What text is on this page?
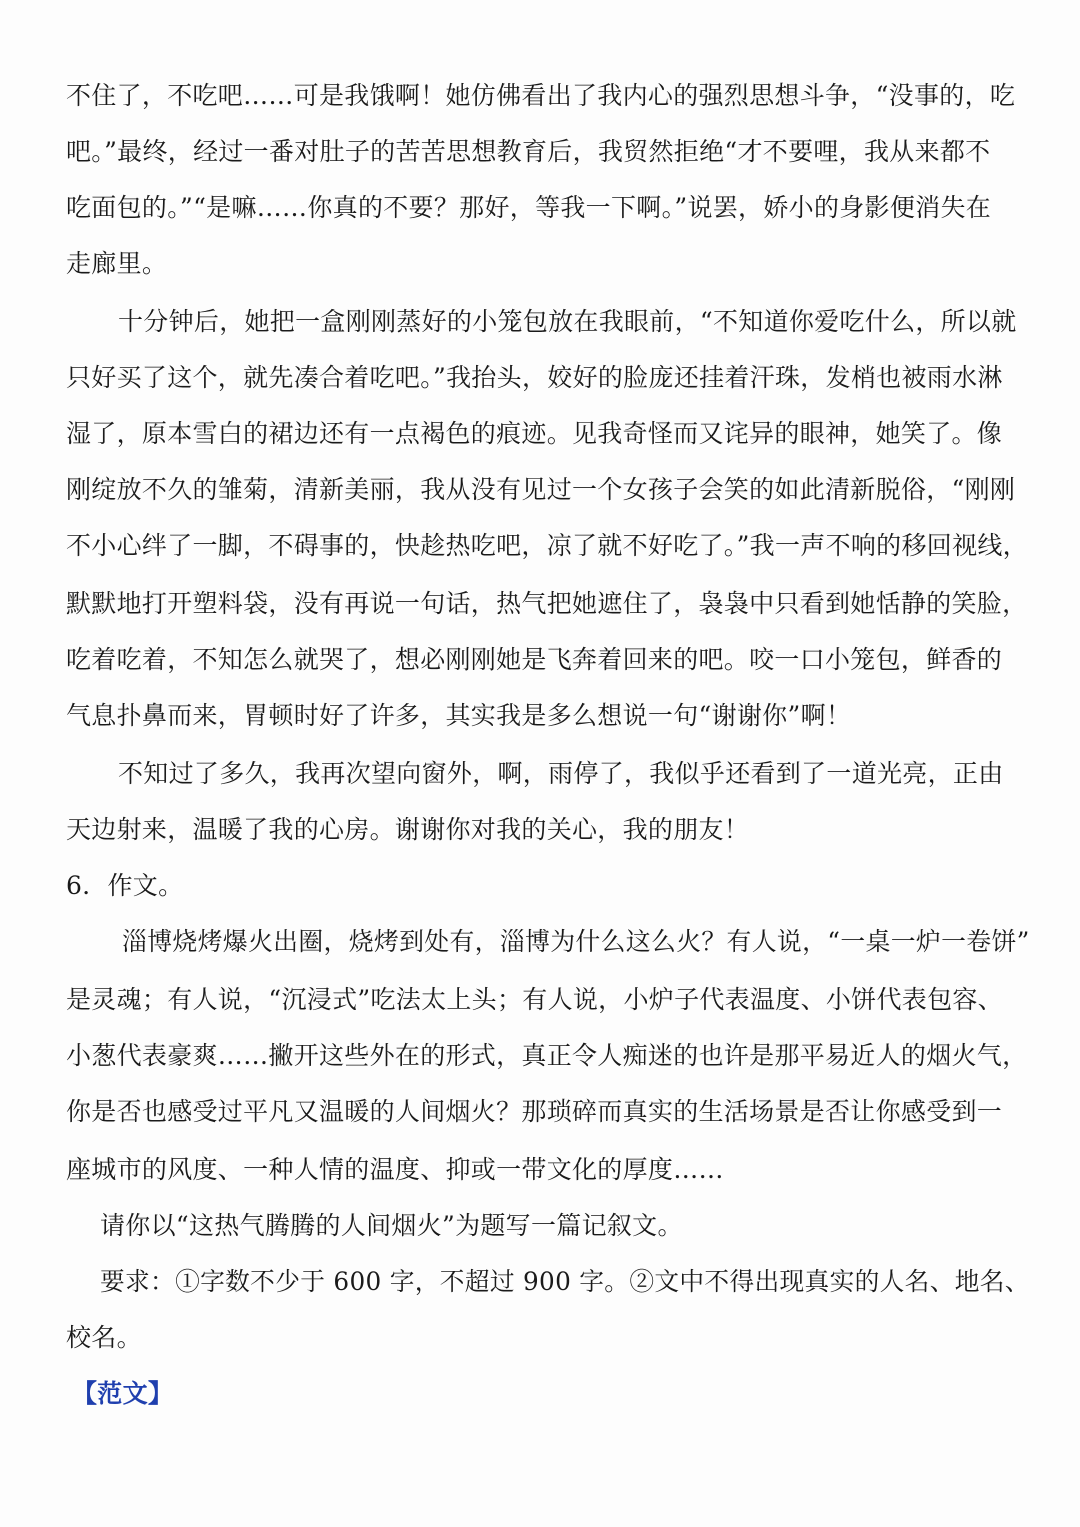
不住了，不吃吧……可是我饿啊！她仿佛看出了我内心的强烈思想斗争，“没事的，吃
吧。”最终，经过一番对肚子的苦苦思想教育后，我贸然拒绝“才不要哩，我从来都不
吃面包的。”“是嘛……你真的不要？那好，等我一下啊。”说罢，娇小的身影便消失在
走廊里。
十分钟后，她把一盒刚刚蒸好的小笼包放在我眼前，“不知道你爱吃什么，所以就
只好买了这个，就先凑合着吃吧。”我抬头，姣好的脸庞还挂着汗珠，发梢也被雨水淋
湿了，原本雪白的裙边还有一点褐色的痕迹。见我奇怪而又诧异的眼神，她笑了。像
刚绽放不久的雏菊，清新美丽，我从没有见过一个女孩子会笑的如此清新脱俗，“刚刚
不小心绊了一脚，不碍事的，快趁热吃吧，凉了就不好吃了。”我一声不响的移回视线，
默默地打开塑料袋，没有再说一句话，热气把她遮住了，袅袅中只看到她恬静的笑脸，
吃着吃着，不知怎么就哭了，想必刚刚她是飞奔着回来的吧。咬一口小笼包，鲜香的
气息扑鼻而来，胃顿时好了许多，其实我是多么想说一句“谢谢你”啊！
不知过了多久，我再次望向窗外，啊，雨停了，我似乎还看到了一道光亮，正由
天边射来，温暖了我的心房。谢谢你对我的关心，我的朋友！
6．作文。
淄博烧烤爆火出圈，烧烤到处有，淄博为什么这么火？有人说，“一桌一炉一卷饼”
是灵魂；有人说，“沉浸式”吃法太上头；有人说，小炉子代表温度、小饼代表包容、
小葱代表豪爽……撇开这些外在的形式，真正令人痴迷的也许是那平易近人的烟火气，
你是否也感受过平凡又温暖的人间烟火？那琐碎而真实的生活场景是否让你感受到一
座城市的风度、一种人情的温度、抑或一带文化的厚度……
请你以“这热气腾腾的人间烟火”为题写一篇记叙文。
要求：①字数不少于 600 字，不超过 900 字。②文中不得出现真实的人名、地名、
校名。
【范文】
